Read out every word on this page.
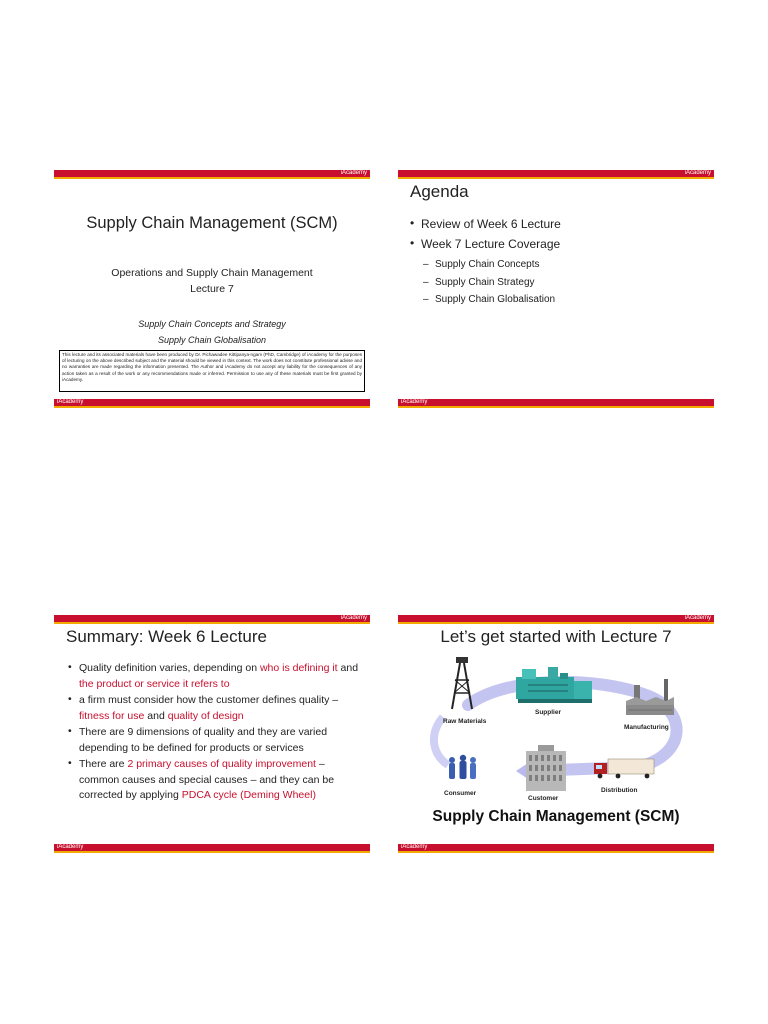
iAcademy
Supply Chain Management (SCM)
Operations and Supply Chain Management
Lecture 7
Supply Chain Concepts and Strategy
Supply Chain Globalisation
This lecture and its associated materials have been produced by Dr. Pichawadee Kittipanya-ngam (PhD, Cambridge) of iAcademy for the purposes of lecturing on the above described subject and the material should be viewed in this context. The work does not constitute professional advise and no warranties are made regarding the information presented. The Author and iAcademy do not accept any liability for the consequences of any action taken as a result of the work or any recommendations made or inferred. Permission to use any of these materials must be first granted by iAcademy.
iAcademy
iAcademy
Agenda
• Review of Week 6 Lecture
• Week 7 Lecture Coverage
– Supply Chain Concepts
– Supply Chain Strategy
– Supply Chain Globalisation
iAcademy
iAcademy
Summary: Week 6 Lecture
• Quality definition varies, depending on who is defining it and the product or service it refers to
• a firm must consider how the customer defines quality – fitness for use and quality of design
• There are 9 dimensions of quality and they are varied depending to be defined for products or services
• There are 2 primary causes of quality improvement – common causes and special causes – and they can be corrected by applying PDCA cycle (Deming Wheel)
iAcademy
iAcademy
Let’s get started with Lecture 7
Raw Materials
Supplier
Manufacturing
Distribution
Customer
Consumer
Supply Chain Management (SCM)
iAcademy
